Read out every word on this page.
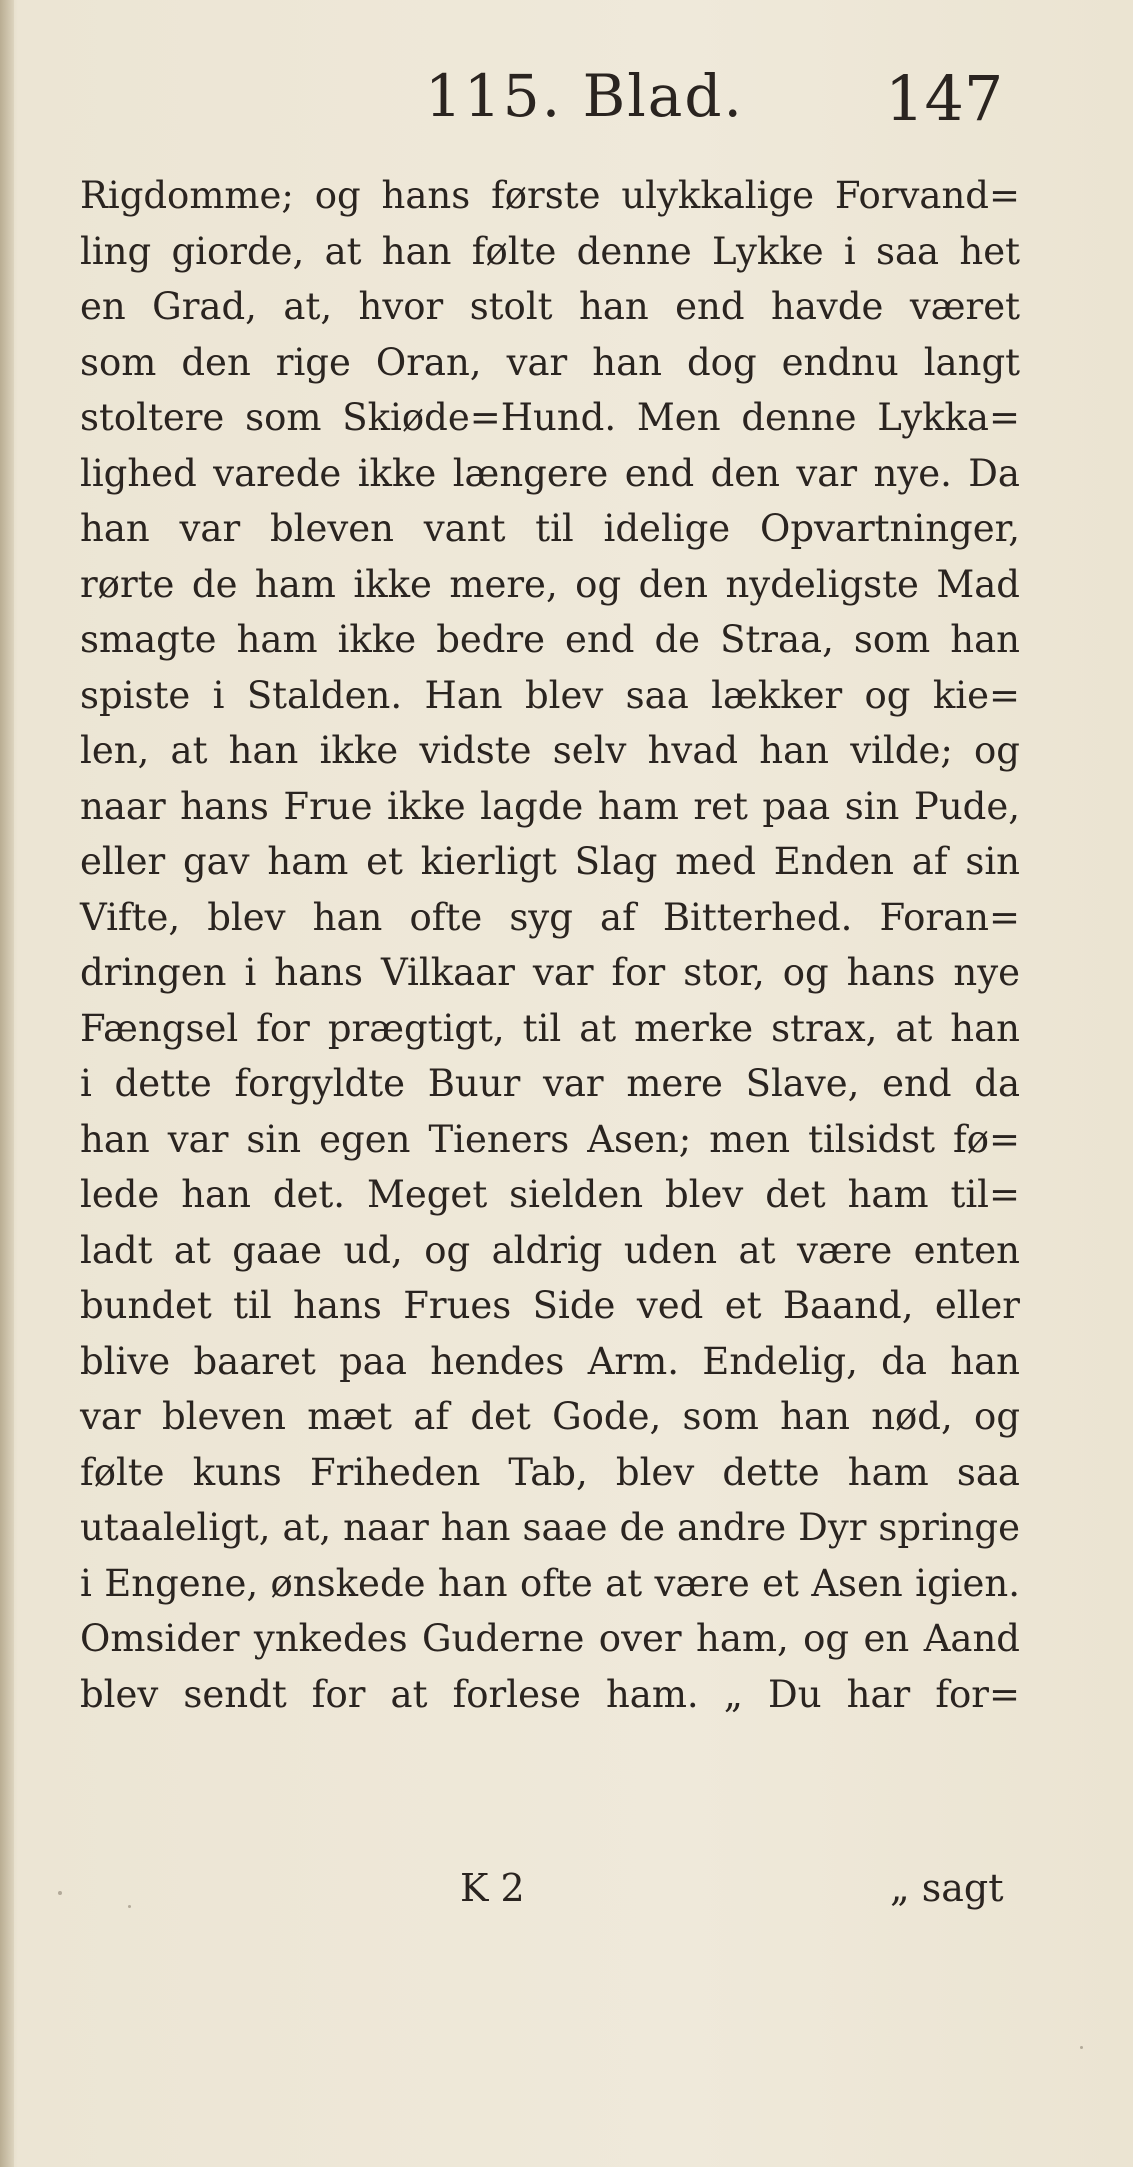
115. Blad. 147
Rigdomme; og hans første ulykkalige Forvand=
ling giorde, at han følte denne Lykke i saa het
en Grad, at, hvor stolt han end havde været
som den rige Oran, var han dog endnu langt
stoltere som Skiøde=Hund. Men denne Lykka=
lighed varede ikke længere end den var nye. Da
han var bleven vant til idelige Opvartninger,
rørte de ham ikke mere, og den nydeligste Mad
smagte ham ikke bedre end de Straa, som han
spiste i Stalden. Han blev saa lækker og kie=
len, at han ikke vidste selv hvad han vilde; og
naar hans Frue ikke lagde ham ret paa sin Pude,
eller gav ham et kierligt Slag med Enden af sin
Vifte, blev han ofte syg af Bitterhed. Foran=
dringen i hans Vilkaar var for stor, og hans nye
Fængsel for prægtigt, til at merke strax, at han
i dette forgyldte Buur var mere Slave, end da
han var sin egen Tieners Asen; men tilsidst fø=
lede han det. Meget sielden blev det ham til=
ladt at gaae ud, og aldrig uden at være enten
bundet til hans Frues Side ved et Baand, eller
blive baaret paa hendes Arm. Endelig, da han
var bleven mæt af det Gode, som han nød, og
følte kuns Friheden Tab, blev dette ham saa
utaaleligt, at, naar han saae de andre Dyr springe
i Engene, ønskede han ofte at være et Asen igien.
Omsider ynkedes Guderne over ham, og en Aand
blev sendt for at forlese ham. „ Du har for=
K 2	„ sagt
